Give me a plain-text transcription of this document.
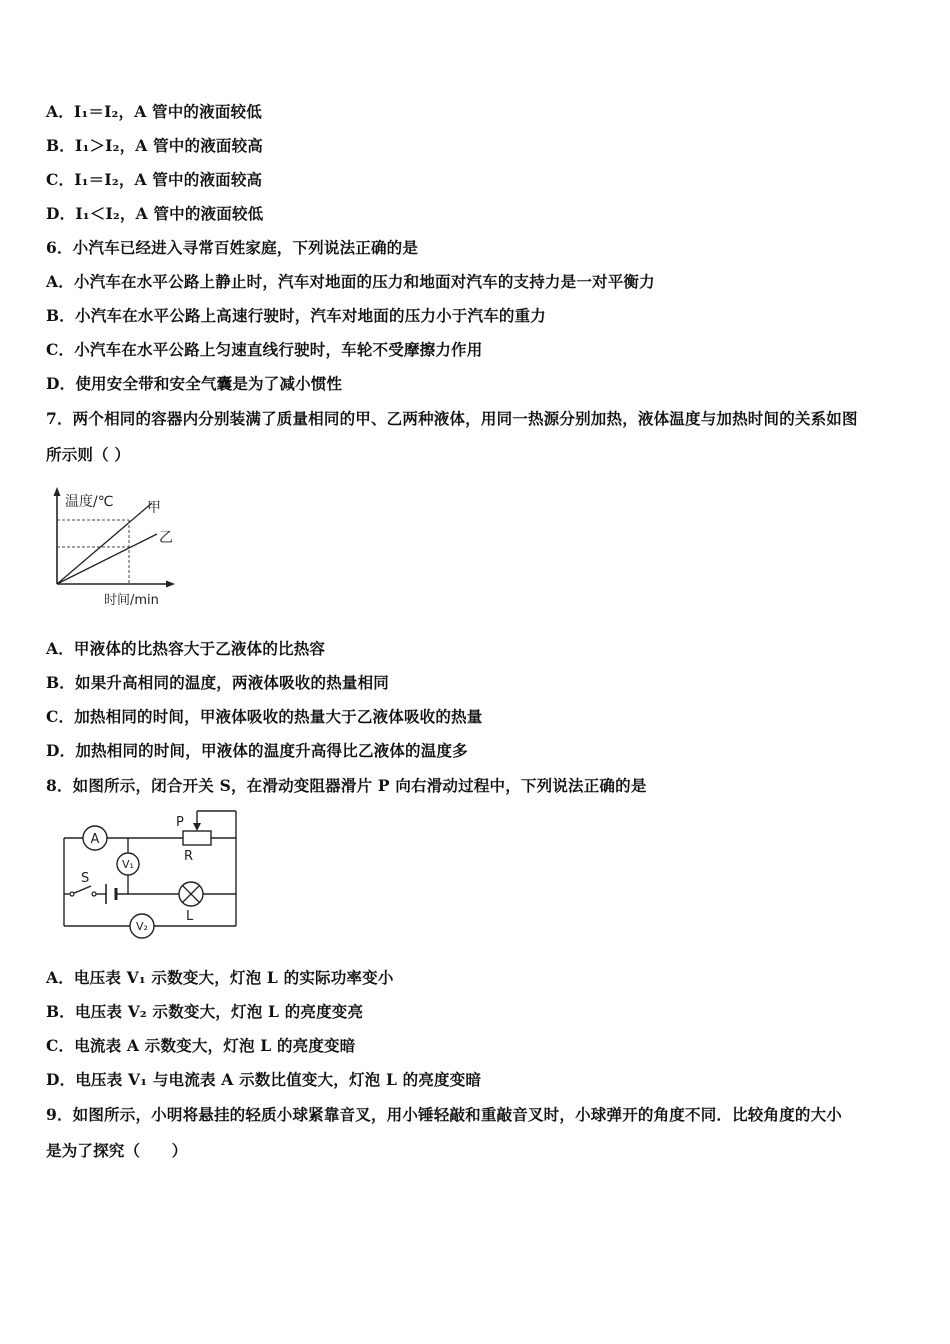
A．I₁＝I₂，A 管中的液面较低
B．I₁＞I₂，A 管中的液面较高
C．I₁＝I₂，A 管中的液面较高
D．I₁＜I₂，A 管中的液面较低
6．小汽车已经进入寻常百姓家庭，下列说法正确的是
A．小汽车在水平公路上静止时，汽车对地面的压力和地面对汽车的支持力是一对平衡力
B．小汽车在水平公路上高速行驶时，汽车对地面的压力小于汽车的重力
C．小汽车在水平公路上匀速直线行驶时，车轮不受摩擦力作用
D．使用安全带和安全气囊是为了减小惯性
7．两个相同的容器内分别装满了质量相同的甲、乙两种液体，用同一热源分别加热，液体温度与加热时间的关系如图
所示则（ ）
温度/℃
时间/min
甲
乙
A．甲液体的比热容大于乙液体的比热容
B．如果升高相同的温度，两液体吸收的热量相同
C．加热相同的时间，甲液体吸收的热量大于乙液体吸收的热量
D．加热相同的时间，甲液体的温度升高得比乙液体的温度多
8．如图所示，闭合开关 S，在滑动变阻器滑片 P 向右滑动过程中，下列说法正确的是
A
V₁
V₂
P
R
S
L
A．电压表 V₁ 示数变大，灯泡 L 的实际功率变小
B．电压表 V₂ 示数变大，灯泡 L 的亮度变亮
C．电流表 A 示数变大，灯泡 L 的亮度变暗
D．电压表 V₁ 与电流表 A 示数比值变大，灯泡 L 的亮度变暗
9．如图所示，小明将悬挂的轻质小球紧靠音叉，用小锤轻敲和重敲音叉时，小球弹开的角度不同．比较角度的大小
是为了探究（　　）
